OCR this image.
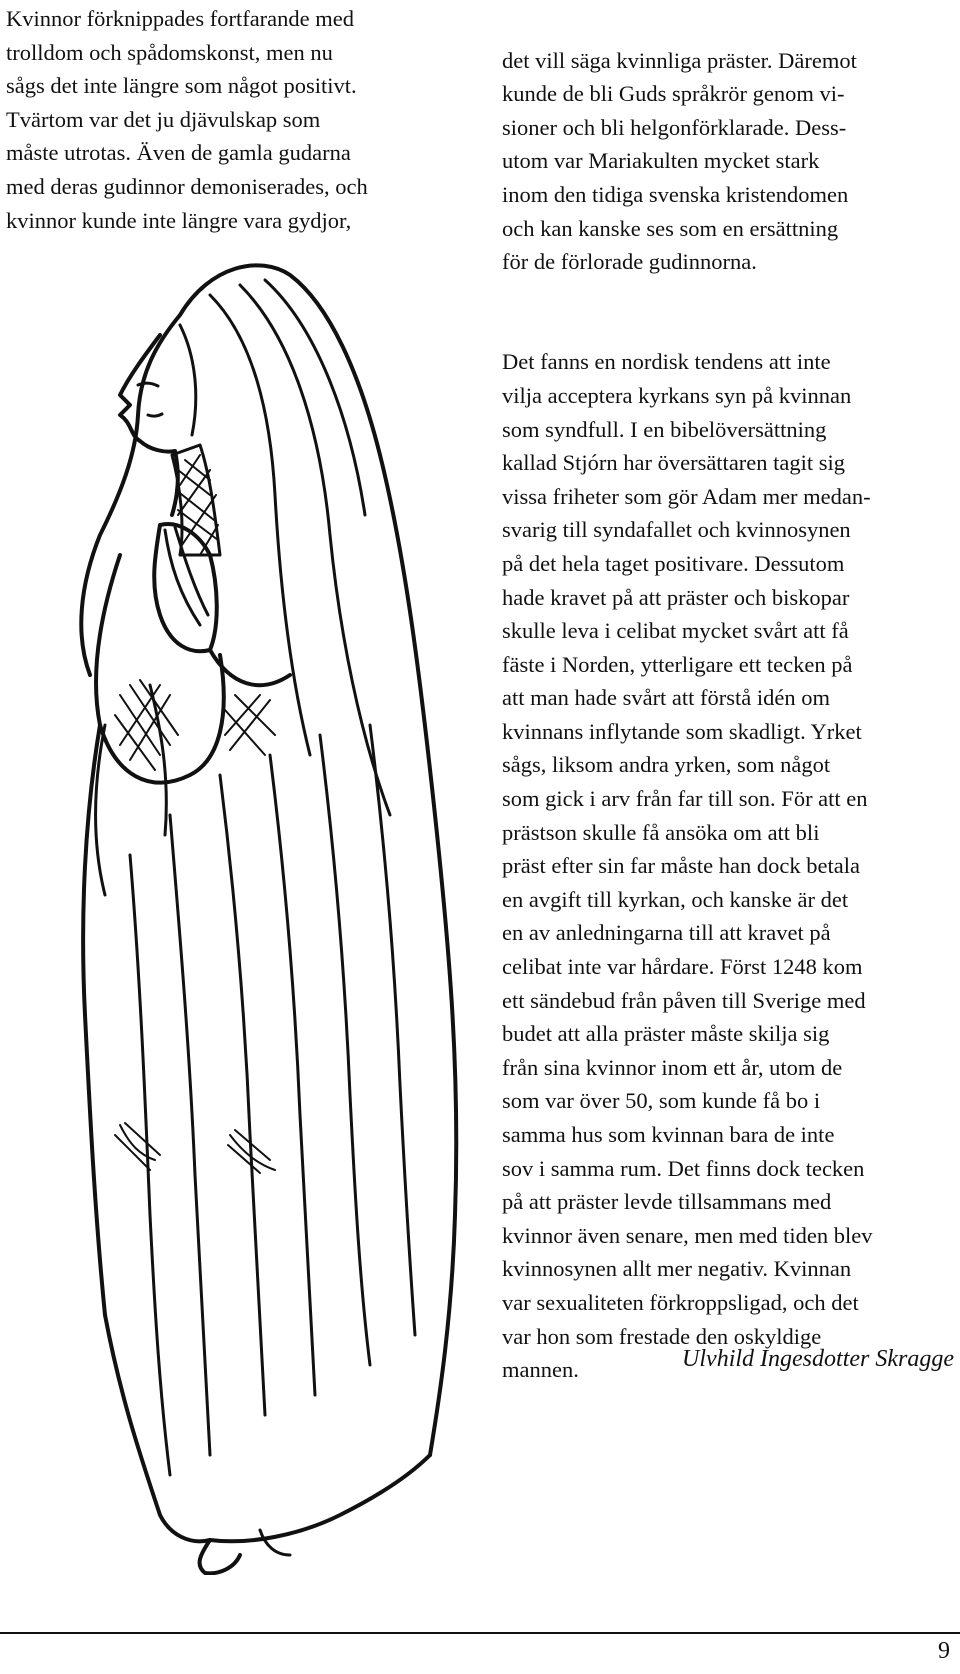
Kvinnor förknippades fortfarande med
trolldom och spådomskonst, men nu
sågs det inte längre som något positivt.
Tvärtom var det ju djävulskap som
måste utrotas. Även de gamla gudarna
med deras gudinnor demoniserades, och
kvinnor kunde inte längre vara gydjor,

det vill säga kvinnliga präster. Däremot
kunde de bli Guds språkrör genom vi-
sioner och bli helgonförklarade. Dess-
utom var Mariakulten mycket stark
inom den tidiga svenska kristendomen
och kan kanske ses som en ersättning
för de förlorade gudinnorna.

Det fanns en nordisk tendens att inte
vilja acceptera kyrkans syn på kvinnan
som syndfull. I en bibelöversättning
kallad Stjórn har översättaren tagit sig
vissa friheter som gör Adam mer medan-
svarig till syndafallet och kvinnosynen
på det hela taget positivare. Dessutom
hade kravet på att präster och biskopar
skulle leva i celibat mycket svårt att få
fäste i Norden, ytterligare ett tecken på
att man hade svårt att förstå idén om
kvinnans inflytande som skadligt. Yrket
sågs, liksom andra yrken, som något
som gick i arv från far till son. För att en
prästson skulle få ansöka om att bli
präst efter sin far måste han dock betala
en avgift till kyrkan, och kanske är det
en av anledningarna till att kravet på
celibat inte var hårdare. Först 1248 kom
ett sändebud från påven till Sverige med
budet att alla präster måste skilja sig
från sina kvinnor inom ett år, utom de
som var över 50, som kunde få bo i
samma hus som kvinnan bara de inte
sov i samma rum. Det finns dock tecken
på att präster levde tillsammans med
kvinnor även senare, men med tiden blev
kvinnosynen allt mer negativ. Kvinnan
var sexualiteten förkroppsligad, och det
var hon som frestade den oskyldige
mannen.	Ulvhild Ingesdotter Skragge
9
